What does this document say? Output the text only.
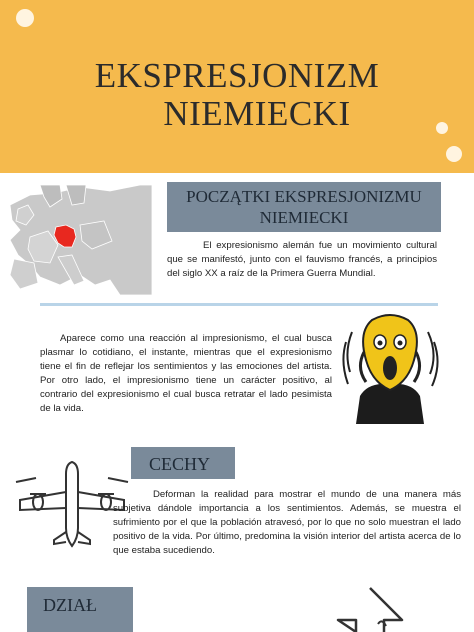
EKSPRESJONIZM
NIEMIECKI
POCZĄTKI EKSPRESJONIZMU NIEMIECKI
El expresionismo alemán fue un movimiento cultural que se manifestó, junto con el fauvismo francés, a principios del siglo XX a raíz de la Primera Guerra Mundial.
Aparece como una reacción al impresionismo, el cual busca plasmar lo cotidiano, el instante, mientras que el expresionismo tiene el fin de reflejar los sentimientos y las emociones del artista. Por otro lado, el impresionismo tiene un carácter positivo, al contrario del expresionismo el cual busca retratar el lado pesimista de la vida.
CECHY
Deforman la realidad para mostrar el mundo de una manera más subjetiva dándole importancia a los sentimientos. Además, se muestra el sufrimiento por el que la población atravesó, por lo que no solo muestran el lado positivo de la vida. Por último, predomina la visión interior del artista acerca de lo que estaba sucediendo.
DZIAŁ
